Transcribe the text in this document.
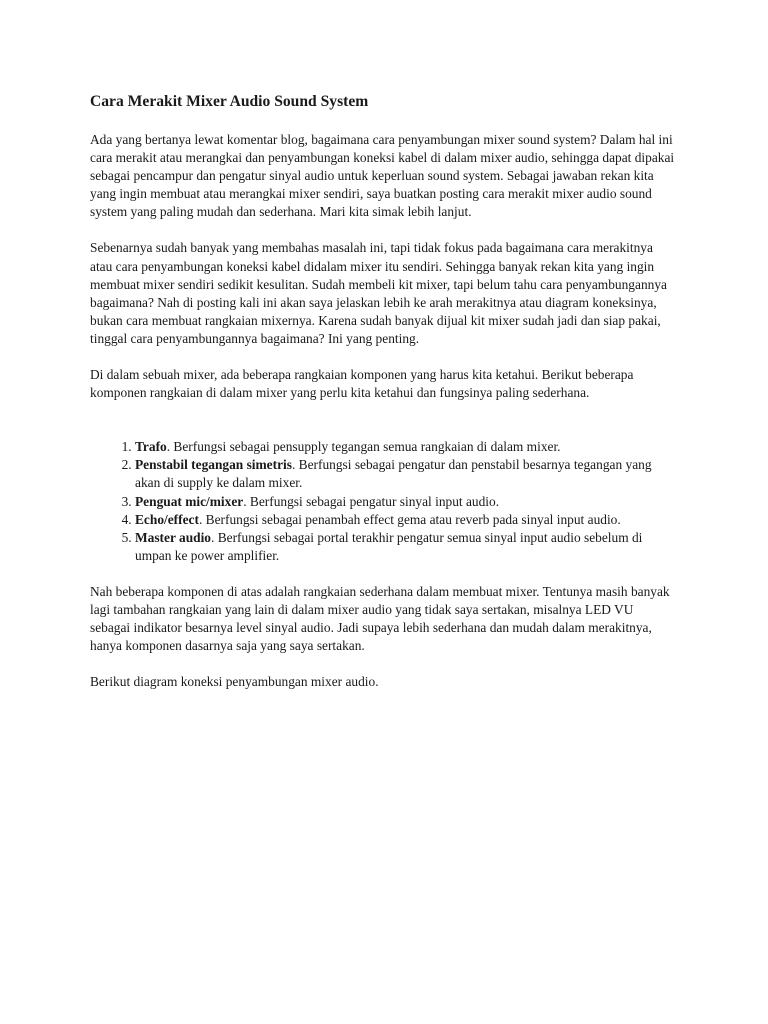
Cara Merakit Mixer Audio Sound System

Ada yang bertanya lewat komentar blog, bagaimana cara penyambungan mixer sound system? Dalam hal ini cara merakit atau merangkai dan penyambungan koneksi kabel di dalam mixer audio, sehingga dapat dipakai sebagai pencampur dan pengatur sinyal audio untuk keperluan sound system. Sebagai jawaban rekan kita yang ingin membuat atau merangkai mixer sendiri, saya buatkan posting cara merakit mixer audio sound system yang paling mudah dan sederhana. Mari kita simak lebih lanjut.

Sebenarnya sudah banyak yang membahas masalah ini, tapi tidak fokus pada bagaimana cara merakitnya atau cara penyambungan koneksi kabel didalam mixer itu sendiri. Sehingga banyak rekan kita yang ingin membuat mixer sendiri sedikit kesulitan. Sudah membeli kit mixer, tapi belum tahu cara penyambungannya bagaimana? Nah di posting kali ini akan saya jelaskan lebih ke arah merakitnya atau diagram koneksinya, bukan cara membuat rangkaian mixernya. Karena sudah banyak dijual kit mixer sudah jadi dan siap pakai, tinggal cara penyambungannya bagaimana? Ini yang penting.

Di dalam sebuah mixer, ada beberapa rangkaian komponen yang harus kita ketahui. Berikut beberapa komponen rangkaian di dalam mixer yang perlu kita ketahui dan fungsinya paling sederhana.

1. Trafo. Berfungsi sebagai pensupply tegangan semua rangkaian di dalam mixer.
2. Penstabil tegangan simetris. Berfungsi sebagai pengatur dan penstabil besarnya tegangan yang akan di supply ke dalam mixer.
3. Penguat mic/mixer. Berfungsi sebagai pengatur sinyal input audio.
4. Echo/effect. Berfungsi sebagai penambah effect gema atau reverb pada sinyal input audio.
5. Master audio. Berfungsi sebagai portal terakhir pengatur semua sinyal input audio sebelum di umpan ke power amplifier.

Nah beberapa komponen di atas adalah rangkaian sederhana dalam membuat mixer. Tentunya masih banyak lagi tambahan rangkaian yang lain di dalam mixer audio yang tidak saya sertakan, misalnya LED VU sebagai indikator besarnya level sinyal audio. Jadi supaya lebih sederhana dan mudah dalam merakitnya, hanya komponen dasarnya saja yang saya sertakan.

Berikut diagram koneksi penyambungan mixer audio.
